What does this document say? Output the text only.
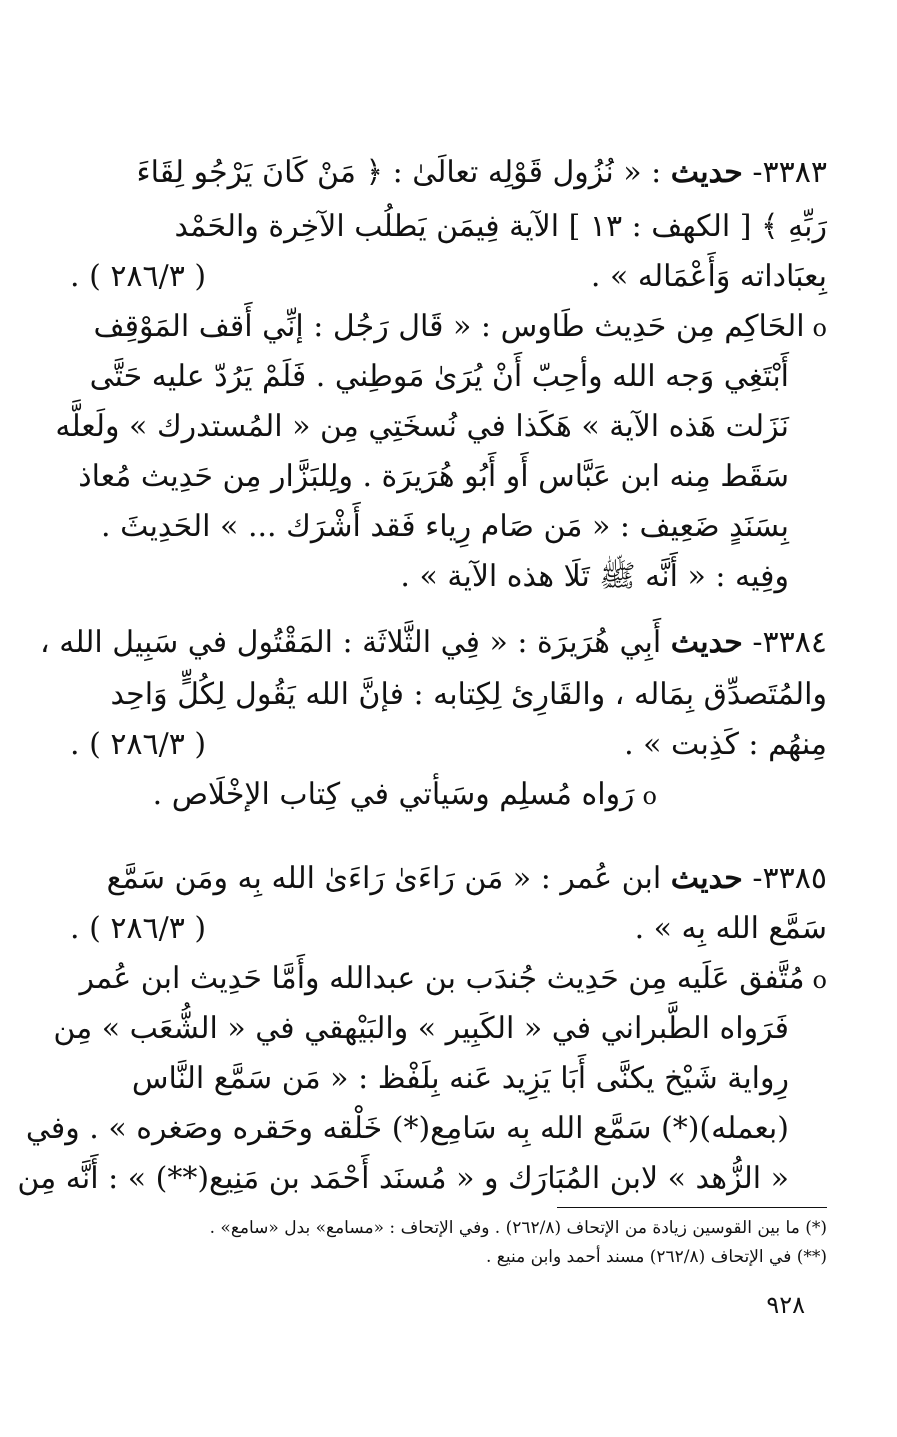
٣٣٨٣- حديث : « نُزُول قَوْلِه تعالَىٰ : ﴿ مَنْ كَانَ يَرْجُو لِقَاءَ
رَبِّهِ ﴾ [ الكهف : ١٣ ] الآية فِيمَن يَطلُب الآخِرة والحَمْد
بِعبَاداته وَأَعْمَاله » .
( ٢٨٦/٣ ) .
oالحَاكِم مِن حَدِيث طَاوس : « قَال رَجُل : إنِّي أَقف المَوْقِف
أَبْتَغِي وَجه الله وأحِبّ أَنْ يُرَىٰ مَوطِني . فَلَمْ يَرُدّ عليه حَتَّى
نَزَلت هَذه الآية » هَكَذا في نُسخَتِي مِن « المُستدرك » ولَعلَّه
سَقَط مِنه ابن عَبَّاس أَو أَبُو هُرَيرَة . ولِلبَزَّار مِن حَدِيث مُعاذ
بِسَنَدٍ ضَعِيف : « مَن صَام رِياء فَقد أَشْرَك ... » الحَدِيثَ .
وفِيه : « أَنَّه ﷺ تَلَا هذه الآية » .
٣٣٨٤- حديث أَبِي هُرَيرَة : « فِي الثَّلاثَة : المَقْتُول في سَبِيل الله ،
والمُتَصدِّق بِمَاله ، والقَارِئ لِكِتابه : فإنَّ الله يَقُول لِكُلٍّ وَاحِد
مِنهُم : كَذِبت » .
( ٢٨٦/٣ ) .
oرَواه مُسلِم وسَيأتي في كِتاب الإخْلَاص .
٣٣٨٥- حديث ابن عُمر : « مَن رَاءَىٰ رَاءَىٰ الله بِه ومَن سَمَّع
سَمَّع الله بِه » .
( ٢٨٦/٣ ) .
oمُتَّفق عَلَيه مِن حَدِيث جُندَب بن عبدالله وأَمَّا حَدِيث ابن عُمر
فَرَواه الطَّبراني في « الكَبِير » والبَيْهقي في « الشُّعَب » مِن
رِواية شَيْخ يكنَّى أَبَا يَزِيد عَنه بِلَفْظ : « مَن سَمَّع النَّاس
(بعمله)(*) سَمَّع الله بِه سَامِع(*) خَلْقه وحَقره وصَغره » . وفي
« الزُّهد » لابن المُبَارَك و « مُسنَد أَحْمَد بن مَنِيع(**) » : أَنَّه مِن
(*) ما بين القوسين زيادة من الإتحاف (٢٦٢/٨) . وفي الإتحاف : «مسامع» بدل «سامع» .
(**) في الإتحاف (٢٦٢/٨) مسند أحمد وابن منيع .
٩٢٨
